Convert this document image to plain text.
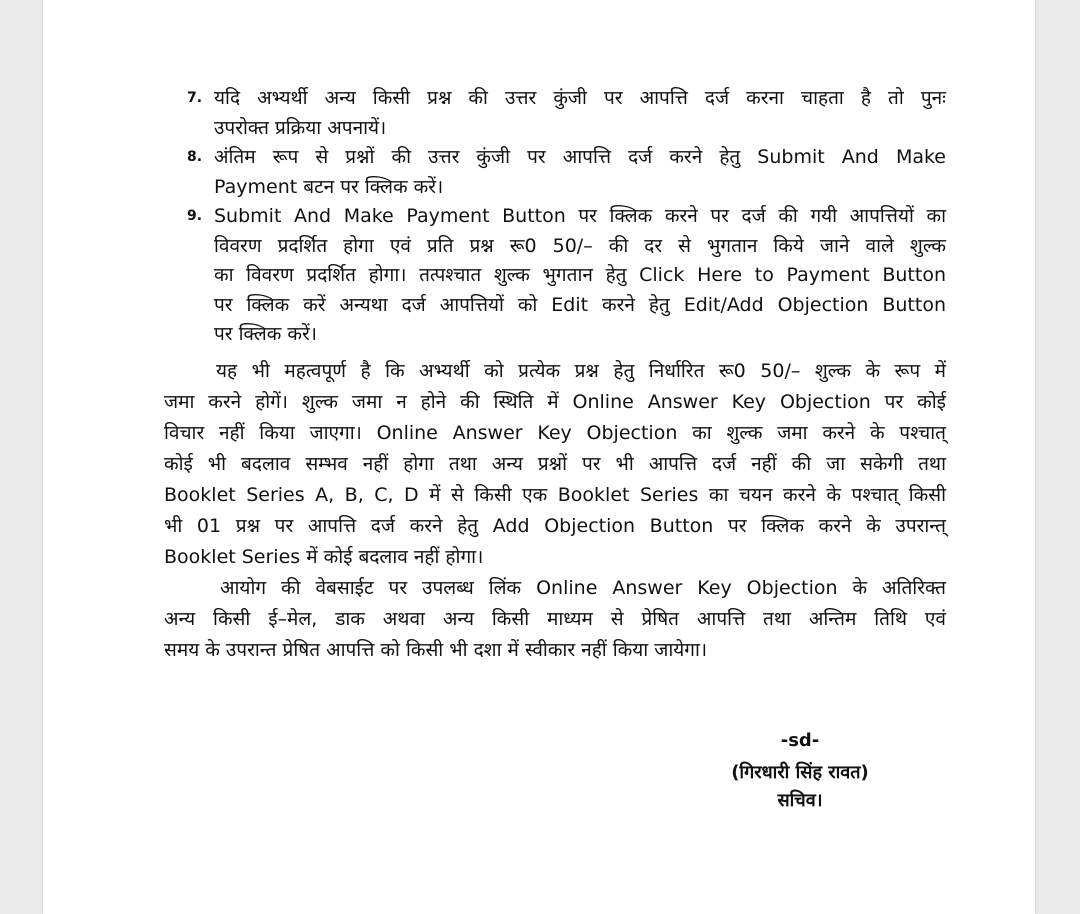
7. यदि अभ्यर्थी अन्य किसी प्रश्न की उत्तर कुंजी पर आपत्ति दर्ज करना चाहता है तो पुनः
उपरोक्त प्रक्रिया अपनायें।
8. अंतिम रूप से प्रश्नों की उत्तर कुंजी पर आपत्ति दर्ज करने हेतु Submit And Make
Payment बटन पर क्लिक करें।
9. Submit And Make Payment Button पर क्लिक करने पर दर्ज की गयी आपत्तियों का
विवरण प्रदर्शित होगा एवं प्रति प्रश्न रू0 50/– की दर से भुगतान किये जाने वाले शुल्क
का विवरण प्रदर्शित होगा। तत्पश्चात शुल्क भुगतान हेतु Click Here to Payment Button
पर क्लिक करें अन्यथा दर्ज आपत्तियों को Edit करने हेतु Edit/Add Objection Button
पर क्लिक करें।
यह भी महत्वपूर्ण है कि अभ्यर्थी को प्रत्येक प्रश्न हेतु निर्धारित रू0 50/– शुल्क के रूप में
जमा करने होगें। शुल्क जमा न होने की स्थिति में Online Answer Key Objection पर कोई
विचार नहीं किया जाएगा। Online Answer Key Objection का शुल्क जमा करने के पश्चात्
कोई भी बदलाव सम्भव नहीं होगा तथा अन्य प्रश्नों पर भी आपत्ति दर्ज नहीं की जा सकेगी तथा
Booklet Series A, B, C, D में से किसी एक Booklet Series का चयन करने के पश्चात् किसी
भी 01 प्रश्न पर आपत्ति दर्ज करने हेतु Add Objection Button पर क्लिक करने के उपरान्त्
Booklet Series में कोई बदलाव नहीं होगा।
आयोग की वेबसाईट पर उपलब्ध लिंक Online Answer Key Objection के अतिरिक्त
अन्य किसी ई–मेल, डाक अथवा अन्य किसी माध्यम से प्रेषित आपत्ति तथा अन्तिम तिथि एवं
समय के उपरान्त प्रेषित आपत्ति को किसी भी दशा में स्वीकार नहीं किया जायेगा।
-sd-
(गिरधारी सिंह रावत)
सचिव।
